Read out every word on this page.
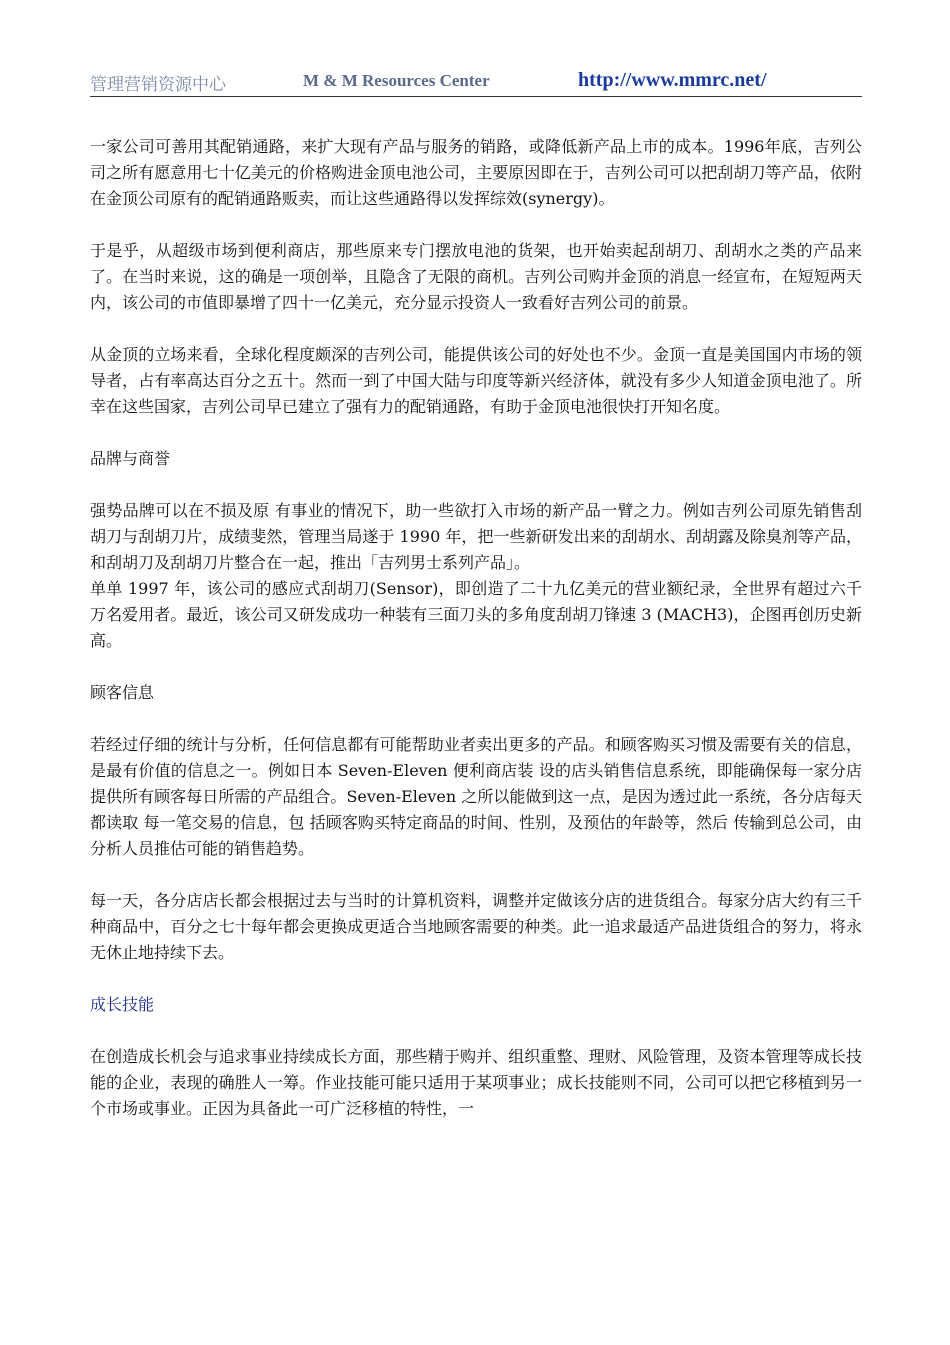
管理营销资源中心	M & M Resources Center	http://www.mmrc.net/

一家公司可善用其配销通路，来扩大现有产品与服务的销路，或降低新产品上市的成本。1996年底，吉列公司之所有愿意用七十亿美元的价格购进金顶电池公司，主要原因即在于，吉列公司可以把刮胡刀等产品，依附在金顶公司原有的配销通路贩卖，而让这些通路得以发挥综效(synergy)。

于是乎，从超级市场到便利商店，那些原来专门摆放电池的货架，也开始卖起刮胡刀、刮胡水之类的产品来了。在当时来说，这的确是一项创举，且隐含了无限的商机。吉列公司购并金顶的消息一经宣布，在短短两天内，该公司的市值即暴增了四十一亿美元，充分显示投资人一致看好吉列公司的前景。

从金顶的立场来看，全球化程度颇深的吉列公司，能提供该公司的好处也不少。金顶一直是美国国内市场的领导者，占有率高达百分之五十。然而一到了中国大陆与印度等新兴经济体，就没有多少人知道金顶电池了。所幸在这些国家，吉列公司早已建立了强有力的配销通路，有助于金顶电池很快打开知名度。

品牌与商誉

强势品牌可以在不损及原 有事业的情况下，助一些欲打入市场的新产品一臂之力。例如吉列公司原先销售刮胡刀与刮胡刀片，成绩斐然，管理当局遂于 1990 年，把一些新研发出来的刮胡水、刮胡露及除臭剂等产品，和刮胡刀及刮胡刀片整合在一起，推出「吉列男士系列产品」。

单单 1997 年，该公司的感应式刮胡刀(Sensor)，即创造了二十九亿美元的营业额纪录，全世界有超过六千万名爱用者。最近，该公司又研发成功一种装有三面刀头的多角度刮胡刀锋速 3 (MACH3)，企图再创历史新高。

顾客信息

若经过仔细的统计与分析，任何信息都有可能帮助业者卖出更多的产品。和顾客购买习惯及需要有关的信息，是最有价值的信息之一。例如日本 Seven-Eleven 便利商店装 设的店头销售信息系统，即能确保每一家分店提供所有顾客每日所需的产品组合。Seven-Eleven 之所以能做到这一点，是因为透过此一系统，各分店每天都读取 每一笔交易的信息，包 括顾客购买特定商品的时间、性别，及预估的年龄等，然后 传输到总公司，由分析人员推估可能的销售趋势。

每一天，各分店店长都会根据过去与当时的计算机资料，调整并定做该分店的进货组合。每家分店大约有三千种商品中，百分之七十每年都会更换成更适合当地顾客需要的种类。此一追求最适产品进货组合的努力，将永无休止地持续下去。

成长技能

在创造成长机会与追求事业持续成长方面，那些精于购并、组织重整、理财、风险管理，及资本管理等成长技能的企业，表现的确胜人一筹。作业技能可能只适用于某项事业；成长技能则不同，公司可以把它移植到另一个市场或事业。正因为具备此一可广泛移植的特性，一
